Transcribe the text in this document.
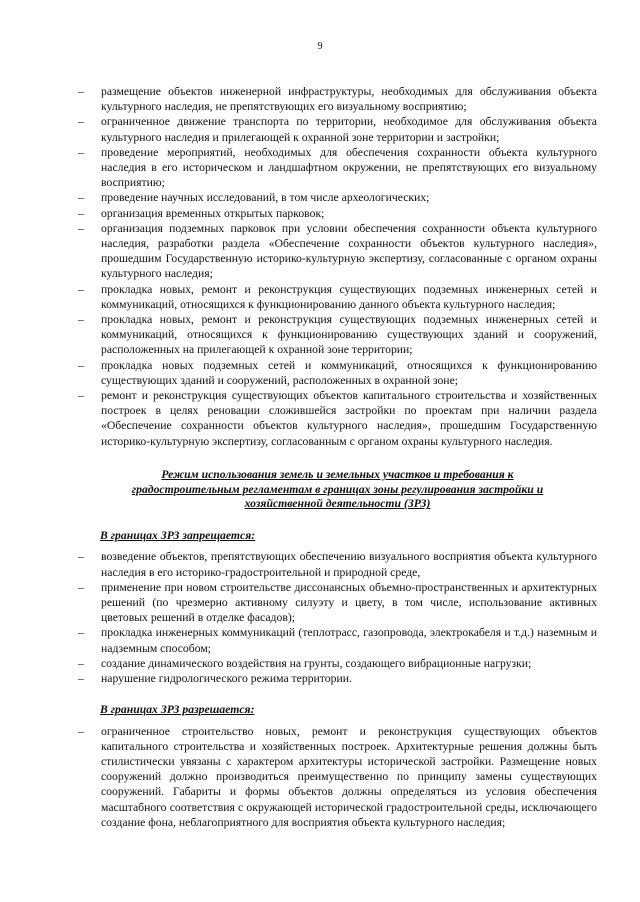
9
– размещение объектов инженерной инфраструктуры, необходимых для обслуживания объекта культурного наследия, не препятствующих его визуальному восприятию;
– ограниченное движение транспорта по территории, необходимое для обслуживания объекта культурного наследия и прилегающей к охранной зоне территории и застройки;
– проведение мероприятий, необходимых для обеспечения сохранности объекта культурного наследия в его историческом и ландшафтном окружении, не препятствующих его визуальному восприятию;
– проведение научных исследований, в том числе археологических;
– организация временных открытых парковок;
– организация подземных парковок при условии обеспечения сохранности объекта культурного наследия, разработки раздела «Обеспечение сохранности объектов культурного наследия», прошедшим Государственную историко-культурную экспертизу, согласованные с органом охраны культурного наследия;
– прокладка новых, ремонт и реконструкция существующих подземных инженерных сетей и коммуникаций, относящихся к функционированию данного объекта культурного наследия;
– прокладка новых, ремонт и реконструкция существующих подземных инженерных сетей и коммуникаций, относящихся к функционированию существующих зданий и сооружений, расположенных на прилегающей к охранной зоне территории;
– прокладка новых подземных сетей и коммуникаций, относящихся к функционированию существующих зданий и сооружений, расположенных в охранной зоне;
– ремонт и реконструкция существующих объектов капитального строительства и хозяйственных построек в целях реновации сложившейся застройки по проектам при наличии раздела «Обеспечение сохранности объектов культурного наследия», прошедшим Государственную историко-культурную экспертизу, согласованным с органом охраны культурного наследия.
Режим использования земель и земельных участков и требования к градостроительным регламентам в границах зоны регулирования застройки и хозяйственной деятельности (ЗРЗ)
В границах ЗРЗ запрещается:
– возведение объектов, препятствующих обеспечению визуального восприятия объекта культурного наследия в его историко-градостроительной и природной среде,
– применение при новом строительстве диссонансных объемно-пространственных и архитектурных решений (по чрезмерно активному силуэту и цвету, в том числе, использование активных цветовых решений в отделке фасадов);
– прокладка инженерных коммуникаций (теплотрасс, газопровода, электрокабеля и т.д.) наземным и надземным способом;
– создание динамического воздействия на грунты, создающего вибрационные нагрузки;
– нарушение гидрологического режима территории.
В границах ЗРЗ разрешается:
– ограниченное строительство новых, ремонт и реконструкция существующих объектов капитального строительства и хозяйственных построек. Архитектурные решения должны быть стилистически увязаны с характером архитектуры исторической застройки. Размещение новых сооружений должно производиться преимущественно по принципу замены существующих сооружений. Габариты и формы объектов должны определяться из условия обеспечения масштабного соответствия с окружающей исторической градостроительной среды, исключающего создание фона, неблагоприятного для восприятия объекта культурного наследия;
